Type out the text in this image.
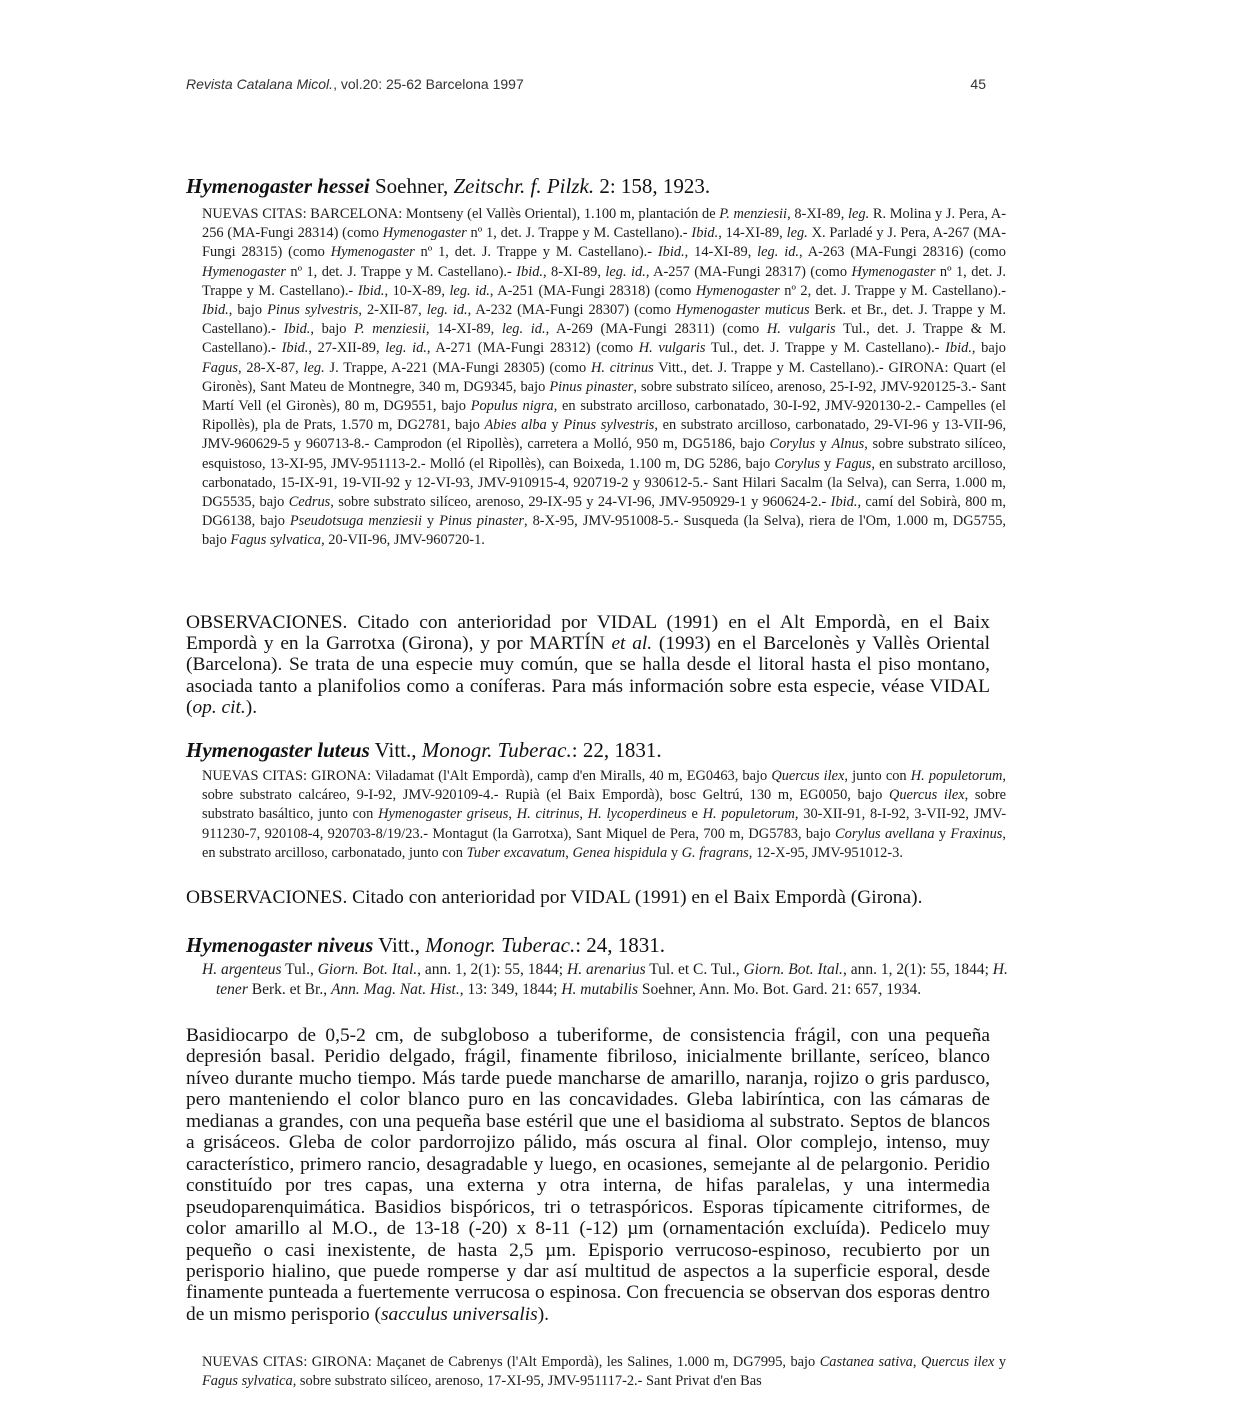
Revista Catalana Micol., vol.20: 25-62 Barcelona 1997	45
Hymenogaster hessei Soehner, Zeitschr. f. Pilzk. 2: 158, 1923.
NUEVAS CITAS: BARCELONA: Montseny (el Vallès Oriental), 1.100 m, plantación de P. menziesii, 8-XI-89, leg. R. Molina y J. Pera, A-256 (MA-Fungi 28314) (como Hymenogaster nº 1, det. J. Trappe y M. Castellano).- Ibid., 14-XI-89, leg. X. Parladé y J. Pera, A-267 (MA-Fungi 28315) (como Hymenogaster nº 1, det. J. Trappe y M. Castellano).- Ibid., 14-XI-89, leg. id., A-263 (MA-Fungi 28316) (como Hymenogaster nº 1, det. J. Trappe y M. Castellano).- Ibid., 8-XI-89, leg. id., A-257 (MA-Fungi 28317) (como Hymenogaster nº 1, det. J. Trappe y M. Castellano).- Ibid., 10-X-89, leg. id., A-251 (MA-Fungi 28318) (como Hymenogaster nº 2, det. J. Trappe y M. Castellano).- Ibid., bajo Pinus sylvestris, 2-XII-87, leg. id., A-232 (MA-Fungi 28307) (como Hymenogaster muticus Berk. et Br., det. J. Trappe y M. Castellano).- Ibid., bajo P. menziesii, 14-XI-89, leg. id., A-269 (MA-Fungi 28311) (como H. vulgaris Tul., det. J. Trappe & M. Castellano).- Ibid., 27-XII-89, leg. id., A-271 (MA-Fungi 28312) (como H. vulgaris Tul., det. J. Trappe y M. Castellano).- Ibid., bajo Fagus, 28-X-87, leg. J. Trappe, A-221 (MA-Fungi 28305) (como H. citrinus Vitt., det. J. Trappe y M. Castellano).- GIRONA: Quart (el Gironès), Sant Mateu de Montnegre, 340 m, DG9345, bajo Pinus pinaster, sobre substrato silíceo, arenoso, 25-I-92, JMV-920125-3.- Sant Martí Vell (el Gironès), 80 m, DG9551, bajo Populus nigra, en substrato arcilloso, carbonatado, 30-I-92, JMV-920130-2.- Campelles (el Ripollès), pla de Prats, 1.570 m, DG2781, bajo Abies alba y Pinus sylvestris, en substrato arcilloso, carbonatado, 29-VI-96 y 13-VII-96, JMV-960629-5 y 960713-8.- Camprodon (el Ripollès), carretera a Molló, 950 m, DG5186, bajo Corylus y Alnus, sobre substrato silíceo, esquistoso, 13-XI-95, JMV-951113-2.- Molló (el Ripollès), can Boixeda, 1.100 m, DG 5286, bajo Corylus y Fagus, en substrato arcilloso, carbonatado, 15-IX-91, 19-VII-92 y 12-VI-93, JMV-910915-4, 920719-2 y 930612-5.- Sant Hilari Sacalm (la Selva), can Serra, 1.000 m, DG5535, bajo Cedrus, sobre substrato silíceo, arenoso, 29-IX-95 y 24-VI-96, JMV-950929-1 y 960624-2.- Ibid., camí del Sobirà, 800 m, DG6138, bajo Pseudotsuga menziesii y Pinus pinaster, 8-X-95, JMV-951008-5.- Susqueda (la Selva), riera de l'Om, 1.000 m, DG5755, bajo Fagus sylvatica, 20-VII-96, JMV-960720-1.
OBSERVACIONES. Citado con anterioridad por VIDAL (1991) en el Alt Empordà, en el Baix Empordà y en la Garrotxa (Girona), y por MARTÍN et al. (1993) en el Barcelonès y Vallès Oriental (Barcelona). Se trata de una especie muy común, que se halla desde el litoral hasta el piso montano, asociada tanto a planifolios como a coníferas. Para más información sobre esta especie, véase VIDAL (op. cit.).
Hymenogaster luteus Vitt., Monogr. Tuberac.: 22, 1831.
NUEVAS CITAS: GIRONA: Viladamat (l'Alt Empordà), camp d'en Miralls, 40 m, EG0463, bajo Quercus ilex, junto con H. populetorum, sobre substrato calcáreo, 9-I-92, JMV-920109-4.- Rupià (el Baix Empordà), bosc Geltrú, 130 m, EG0050, bajo Quercus ilex, sobre substrato basáltico, junto con Hymenogaster griseus, H. citrinus, H. lycoperdineus e H. populetorum, 30-XII-91, 8-I-92, 3-VII-92, JMV-911230-7, 920108-4, 920703-8/19/23.- Montagut (la Garrotxa), Sant Miquel de Pera, 700 m, DG5783, bajo Corylus avellana y Fraxinus, en substrato arcilloso, carbonatado, junto con Tuber excavatum, Genea hispidula y G. fragrans, 12-X-95, JMV-951012-3.
OBSERVACIONES. Citado con anterioridad por VIDAL (1991) en el Baix Empordà (Girona).
Hymenogaster niveus Vitt., Monogr. Tuberac.: 24, 1831.
H. argenteus Tul., Giorn. Bot. Ital., ann. 1, 2(1): 55, 1844; H. arenarius Tul. et C. Tul., Giorn. Bot. Ital., ann. 1, 2(1): 55, 1844; H. tener Berk. et Br., Ann. Mag. Nat. Hist., 13: 349, 1844; H. mutabilis Soehner, Ann. Mo. Bot. Gard. 21: 657, 1934.
Basidiocarpo de 0,5-2 cm, de subgloboso a tuberiforme, de consistencia frágil, con una pequeña depresión basal. Peridio delgado, frágil, finamente fibriloso, inicialmente brillante, seríceo, blanco níveo durante mucho tiempo. Más tarde puede mancharse de amarillo, naranja, rojizo o gris pardusco, pero manteniendo el color blanco puro en las concavidades. Gleba labiríntica, con las cámaras de medianas a grandes, con una pequeña base estéril que une el basidioma al substrato. Septos de blancos a grisáceos. Gleba de color pardorrojizo pálido, más oscura al final. Olor complejo, intenso, muy característico, primero rancio, desagradable y luego, en ocasiones, semejante al de pelargonio. Peridio constituído por tres capas, una externa y otra interna, de hifas paralelas, y una intermedia pseudoparenquimática. Basidios bispóricos, tri o tetraspóricos. Esporas típicamente citriformes, de color amarillo al M.O., de 13-18 (-20) x 8-11 (-12) µm (ornamentación excluída). Pedicelo muy pequeño o casi inexistente, de hasta 2,5 µm. Episporio verrucoso-espinoso, recubierto por un perisporio hialino, que puede romperse y dar así multitud de aspectos a la superficie esporal, desde finamente punteada a fuertemente verrucosa o espinosa. Con frecuencia se observan dos esporas dentro de un mismo perisporio (sacculus universalis).
NUEVAS CITAS: GIRONA: Maçanet de Cabrenys (l'Alt Empordà), les Salines, 1.000 m, DG7995, bajo Castanea sativa, Quercus ilex y Fagus sylvatica, sobre substrato silíceo, arenoso, 17-XI-95, JMV-951117-2.- Sant Privat d'en Bas
